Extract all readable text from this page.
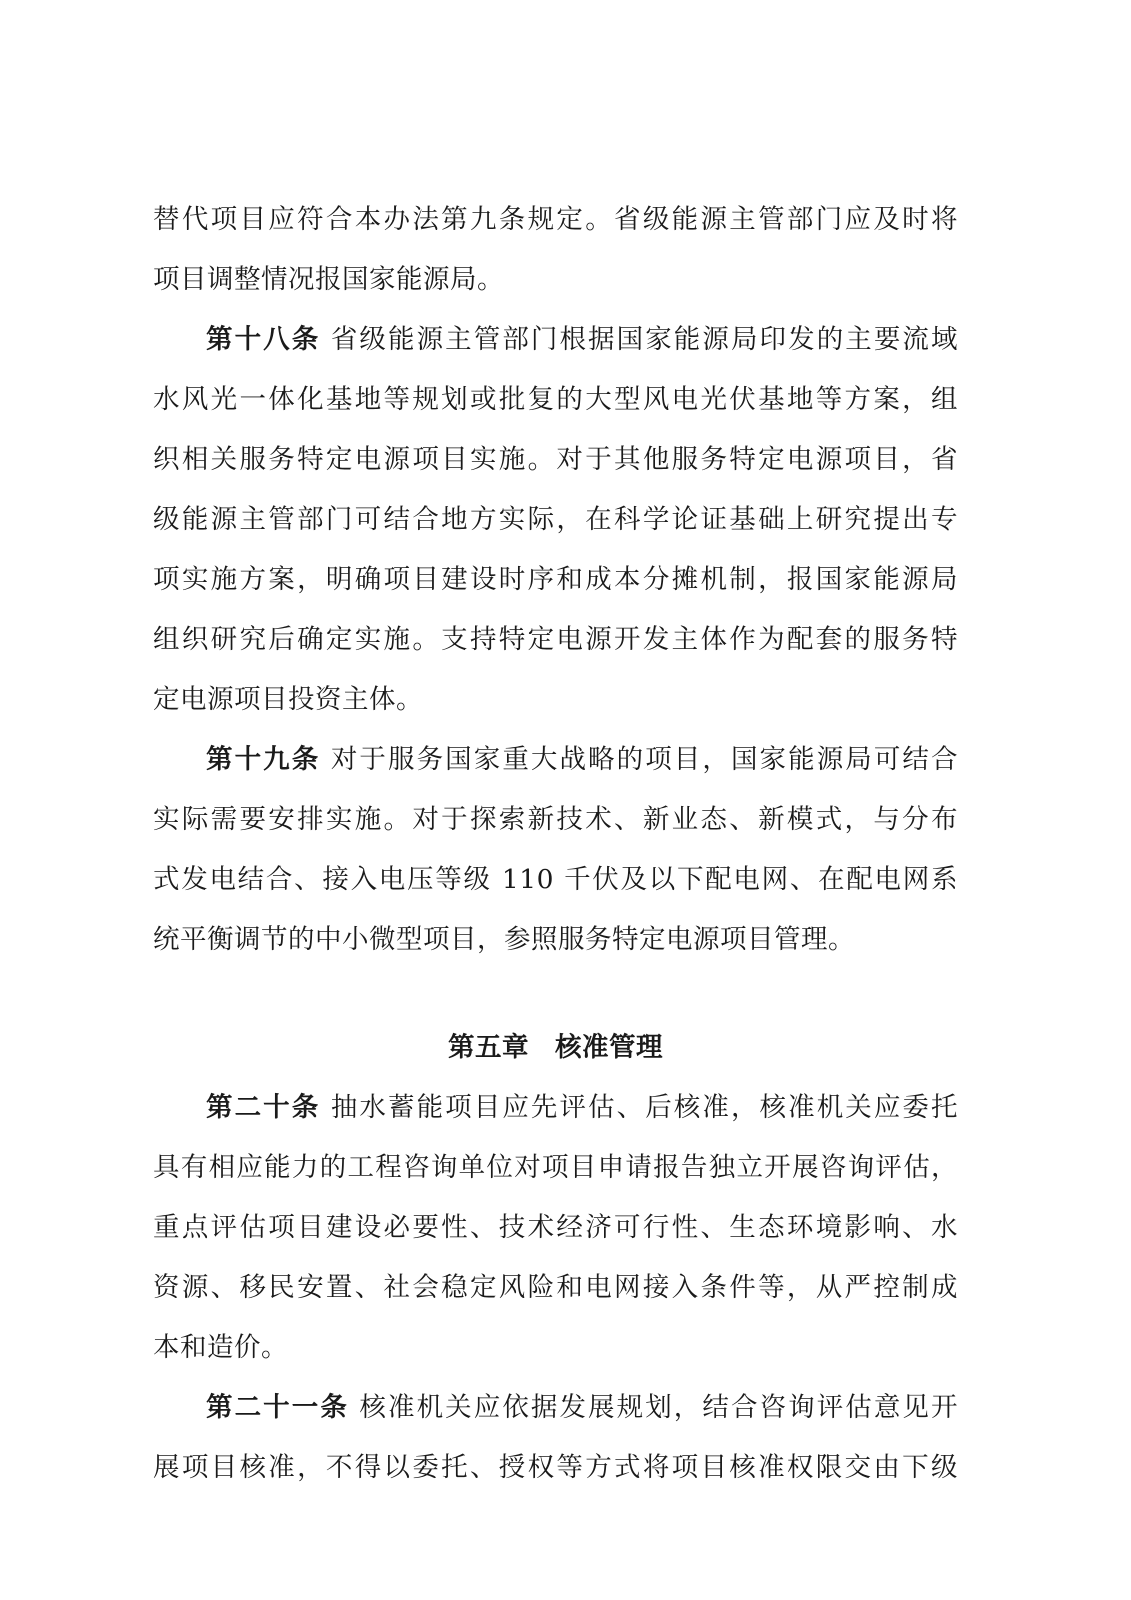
替代项目应符合本办法第九条规定。省级能源主管部门应及时将
项目调整情况报国家能源局。
第十八条 省级能源主管部门根据国家能源局印发的主要流域
水风光一体化基地等规划或批复的大型风电光伏基地等方案，组
织相关服务特定电源项目实施。对于其他服务特定电源项目，省
级能源主管部门可结合地方实际，在科学论证基础上研究提出专
项实施方案，明确项目建设时序和成本分摊机制，报国家能源局
组织研究后确定实施。支持特定电源开发主体作为配套的服务特
定电源项目投资主体。
第十九条 对于服务国家重大战略的项目，国家能源局可结合
实际需要安排实施。对于探索新技术、新业态、新模式，与分布
式发电结合、接入电压等级 110 千伏及以下配电网、在配电网系
统平衡调节的中小微型项目，参照服务特定电源项目管理。
第五章 核准管理
第二十条 抽水蓄能项目应先评估、后核准，核准机关应委托
具有相应能力的工程咨询单位对项目申请报告独立开展咨询评估，
重点评估项目建设必要性、技术经济可行性、生态环境影响、水
资源、移民安置、社会稳定风险和电网接入条件等，从严控制成
本和造价。
第二十一条 核准机关应依据发展规划，结合咨询评估意见开
展项目核准，不得以委托、授权等方式将项目核准权限交由下级
